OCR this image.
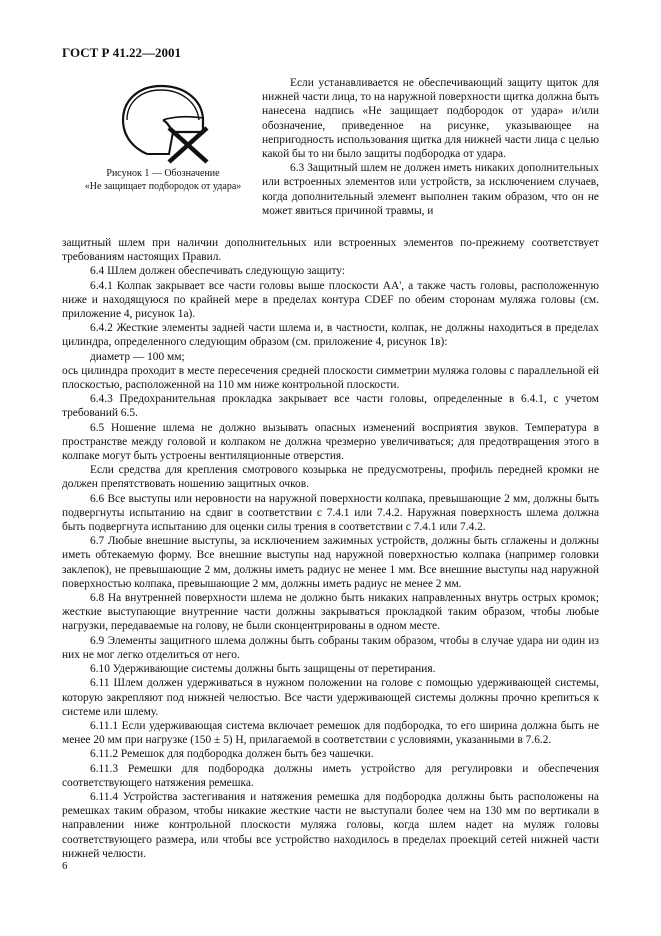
ГОСТ Р 41.22—2001
Рисунок 1 — Обозначение
«Не защищает подбородок от удара»

Если устанавливается не обеспечивающий защиту щиток для нижней части лица, то на наружной поверхности щитка должна быть нанесена надпись «Не защищает подбородок от удара» и/или обозначение, приведенное на рисунке, указывающее на непригодность использования щитка для нижней части лица с целью какой бы то ни было защиты подбородка от удара.

6.3 Защитный шлем не должен иметь никаких дополнительных или встроенных элементов или устройств, за исключением случаев, когда дополнительный элемент выполнен таким образом, что он не может явиться причиной травмы, и

защитный шлем при наличии дополнительных или встроенных элементов по-прежнему соответствует требованиям настоящих Правил.

6.4 Шлем должен обеспечивать следующую защиту:

6.4.1 Колпак закрывает все части головы выше плоскости AA', а также часть головы, расположенную ниже и находящуюся по крайней мере в пределах контура CDEF по обеим сторонам муляжа головы (см. приложение 4, рисунок 1а).

6.4.2 Жесткие элементы задней части шлема и, в частности, колпак, не должны находиться в пределах цилиндра, определенного следующим образом (см. приложение 4, рисунок 1в):

диаметр — 100 мм;

ось цилиндра проходит в месте пересечения средней плоскости симметрии муляжа головы с параллельной ей плоскостью, расположенной на 110 мм ниже контрольной плоскости.

6.4.3 Предохранительная прокладка закрывает все части головы, определенные в 6.4.1, с учетом требований 6.5.

6.5 Ношение шлема не должно вызывать опасных изменений восприятия звуков. Температура в пространстве между головой и колпаком не должна чрезмерно увеличиваться; для предотвращения этого в колпаке могут быть устроены вентиляционные отверстия.

Если средства для крепления смотрового козырька не предусмотрены, профиль передней кромки не должен препятствовать ношению защитных очков.

6.6 Все выступы или неровности на наружной поверхности колпака, превышающие 2 мм, должны быть подвергнуты испытанию на сдвиг в соответствии с 7.4.1 или 7.4.2. Наружная поверхность шлема должна быть подвергнута испытанию для оценки силы трения в соответствии с 7.4.1 или 7.4.2.

6.7 Любые внешние выступы, за исключением зажимных устройств, должны быть сглажены и должны иметь обтекаемую форму. Все внешние выступы над наружной поверхностью колпака (например головки заклепок), не превышающие 2 мм, должны иметь радиус не менее 1 мм. Все внешние выступы над наружной поверхностью колпака, превышающие 2 мм, должны иметь радиус не менее 2 мм.

6.8 На внутренней поверхности шлема не должно быть никаких направленных внутрь острых кромок; жесткие выступающие внутренние части должны закрываться прокладкой таким образом, чтобы любые нагрузки, передаваемые на голову, не были сконцентрированы в одном месте.

6.9 Элементы защитного шлема должны быть собраны таким образом, чтобы в случае удара ни один из них не мог легко отделиться от него.

6.10 Удерживающие системы должны быть защищены от перетирания.

6.11 Шлем должен удерживаться в нужном положении на голове с помощью удерживающей системы, которую закрепляют под нижней челюстью. Все части удерживающей системы должны прочно крепиться к системе или шлему.

6.11.1 Если удерживающая система включает ремешок для подбородка, то его ширина должна быть не менее 20 мм при нагрузке (150 ± 5) Н, прилагаемой в соответствии с условиями, указанными в 7.6.2.

6.11.2 Ремешок для подбородка должен быть без чашечки.

6.11.3 Ремешки для подбородка должны иметь устройство для регулировки и обеспечения соответствующего натяжения ремешка.

6.11.4 Устройства застегивания и натяжения ремешка для подбородка должны быть расположены на ремешках таким образом, чтобы никакие жесткие части не выступали более чем на 130 мм по вертикали в направлении ниже контрольной плоскости муляжа головы, когда шлем надет на муляж головы соответствующего размера, или чтобы все устройство находилось в пределах проекций сетей нижней части нижней челюсти.

6
